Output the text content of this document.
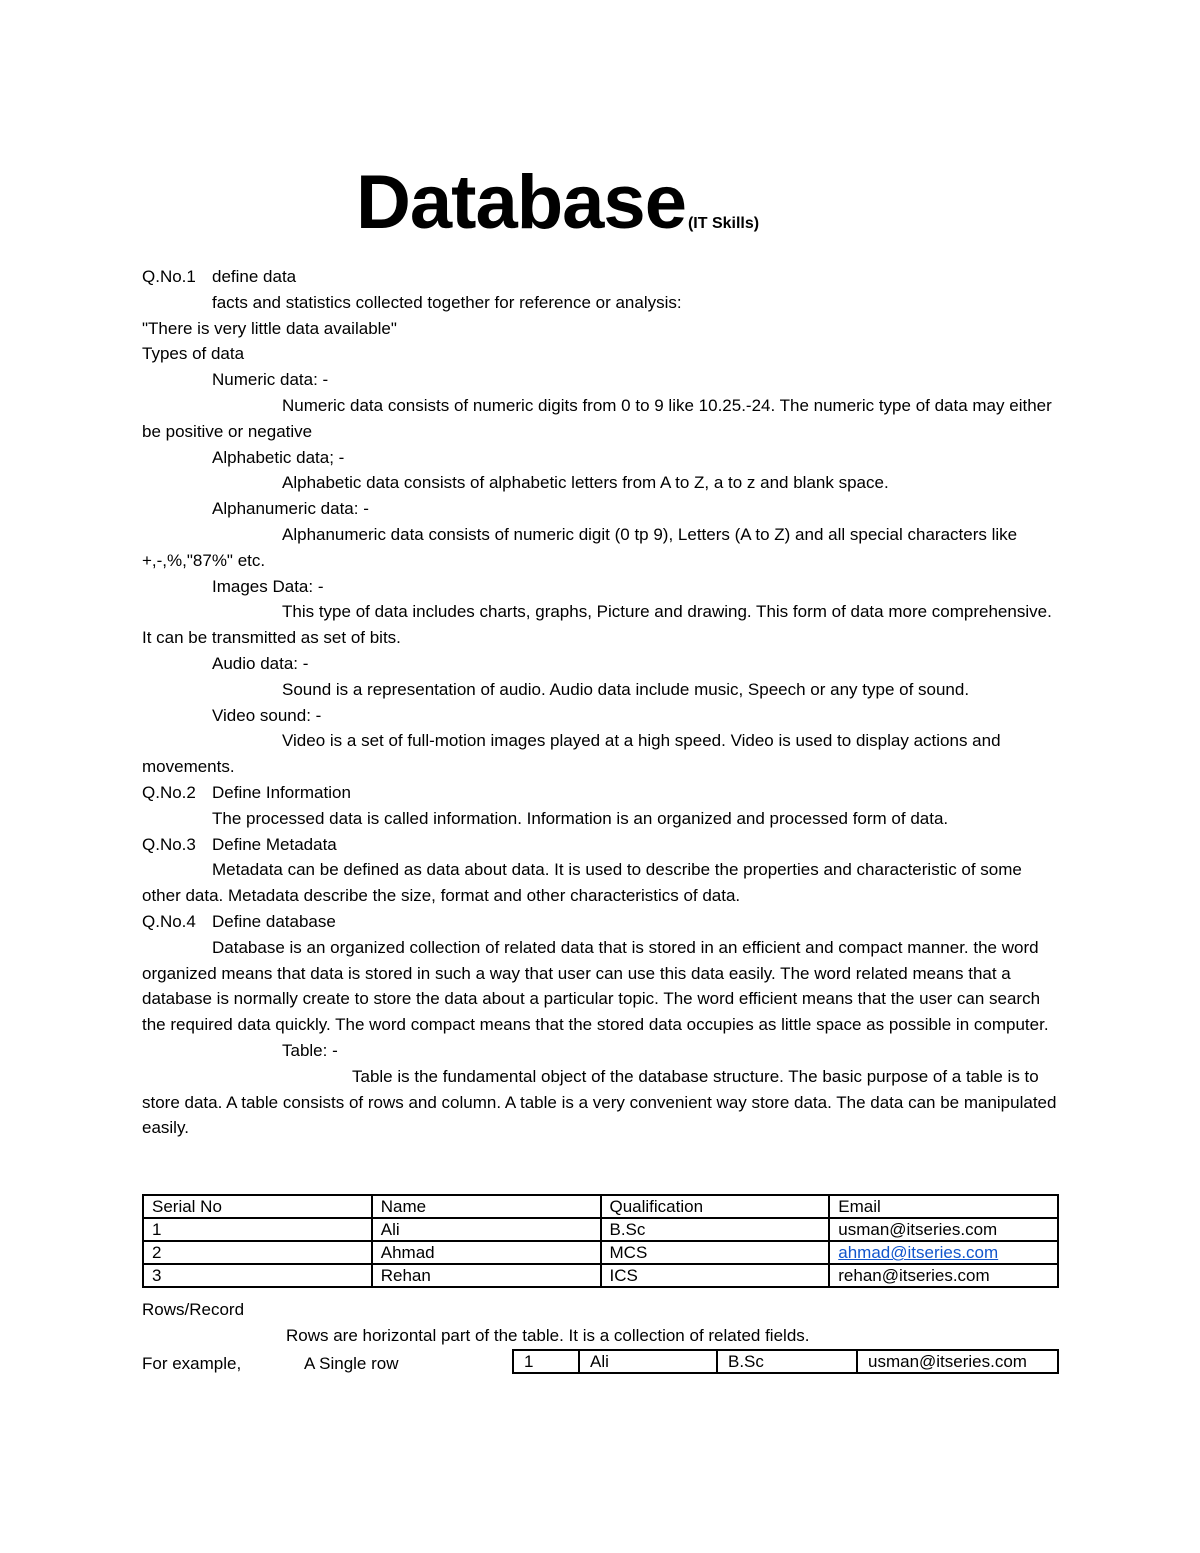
Database (IT Skills)
Q.No.1 define data
facts and statistics collected together for reference or analysis:
"There is very little data available"
Types of data
Numeric data: -
Numeric data consists of numeric digits from 0 to 9 like 10.25.-24. The numeric type of data may either be positive or negative
Alphabetic data; -
Alphabetic data consists of alphabetic letters from A to Z, a to z and blank space.
Alphanumeric data: -
Alphanumeric data consists of numeric digit (0 tp 9), Letters (A to Z) and all special characters like +,-,%,"87%" etc.
Images Data: -
This type of data includes charts, graphs, Picture and drawing. This form of data more comprehensive. It can be transmitted as set of bits.
Audio data: -
Sound is a representation of audio. Audio data include music, Speech or any type of sound.
Video sound: -
Video is a set of full-motion images played at a high speed. Video is used to display actions and movements.
Q.No.2 Define Information
The processed data is called information. Information is an organized and processed form of data.
Q.No.3 Define Metadata
Metadata can be defined as data about data. It is used to describe the properties and characteristic of some other data. Metadata describe the size, format and other characteristics of data.
Q.No.4 Define database
Database is an organized collection of related data that is stored in an efficient and compact manner. the word organized means that data is stored in such a way that user can use this data easily. The word related means that a database is normally create to store the data about a particular topic. The word efficient means that the user can search the required data quickly. The word compact means that the stored data occupies as little space as possible in computer.
Table: -
Table is the fundamental object of the database structure. The basic purpose of a table is to store data. A table consists of rows and column. A table is a very convenient way store data. The data can be manipulated easily.
Serial No	Name	Qualification	Email
1	Ali	B.Sc	usman@itseries.com
2	Ahmad	MCS	ahmad@itseries.com
3	Rehan	ICS	rehan@itseries.com
Rows/Record
Rows are horizontal part of the table. It is a collection of related fields.
For example,	A Single row	1	Ali	B.Sc	usman@itseries.com
